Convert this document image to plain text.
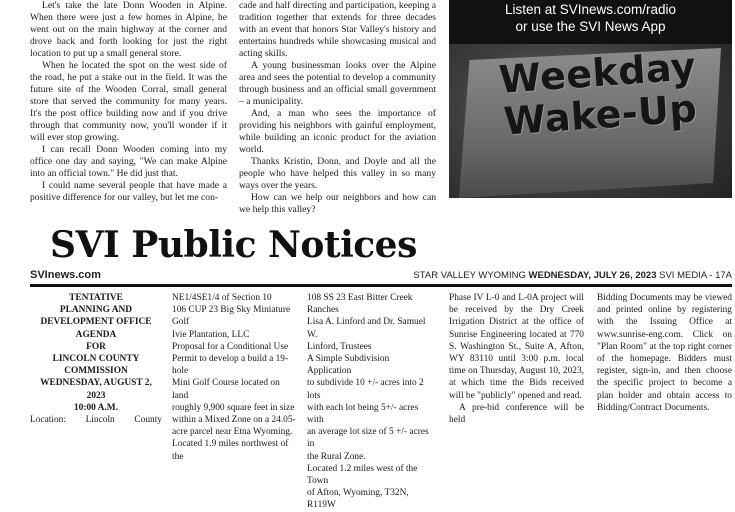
Let's take the late Donn Wooden in Alpine. When there were just a few homes in Alpine, he went out on the main highway at the corner and drove back and forth looking for just the right location to put up a small general store.

When he located the spot on the west side of the road, he put a stake out in the field. It was the future site of the Wooden Corral, small general store that served the community for many years. It's the post office building now and if you drive through that community now, you'll wonder if it will ever stop growing.

I can recall Donn Wooden coming into my office one day and saying, "We can make Alpine into an official town." He did just that.

I could name several people that have made a positive difference for our valley, but let me con-

cade and half directing and participation, keeping a tradition together that extends for three decades with an event that honors Star Valley's history and entertains hundreds while showcasing musical and acting skills.

A young businessman looks over the Alpine area and sees the potential to develop a community through business and an official small government – a municipality.

And, a man who sees the importance of providing his neighbors with gainful employment, while building an iconic product for the aviation world.

Thanks Kristin, Donn, and Doyle and all the people who have helped this valley in so many ways over the years.

How can we help our neighbors and how can we help this valley?

Listen at SVInews.com/radio
or use the SVI News App
Weekday
Wake-Up
SVI Public Notices
SVInews.com	STAR VALLEY WYOMING WEDNESDAY, JULY 26, 2023 SVI MEDIA - 17A
TENTATIVE
PLANNING AND
DEVELOPMENT OFFICE
AGENDA
FOR
LINCOLN COUNTY
COMMISSION
WEDNESDAY, AUGUST 2, 2023
10:00 A.M.
Location: Lincoln County
NE1/4SE1/4 of Section 10
106 CUP 23 Big Sky Miniature Golf
Ivie Plantation, LLC
Proposal for a Conditional Use
Permit to develop a build a 19-hole
Mini Golf Course located on land
roughly 9,900 square feet in size
within a Mixed Zone on a 24.05-
acre parcel near Etna Wyoming.
Located 1.9 miles northwest of the
108 SS 23 East Bitter Creek Ranches
Lisa A. Linford and Dr. Samuel W.
Linford, Trustees
A Simple Subdivision Application
to subdivide 10 +/- acres into 2 lots
with each lot being 5+/- acres with
an average lot size of 5 +/- acres in
the Rural Zone.
Located 1.2 miles west of the Town
of Afton, Wyoming, T32N, R119W
Phase IV L-0 and L-0A project will be received by the Dry Creek Irrigation District at the office of Sunrise Engineering located at 770 S. Washington St., Suite A, Afton, WY 83110 until 3:00 p.m. local time on Thursday, August 10, 2023, at which time the Bids received will be "publicly" opened and read.
A pre-bid conference will be held
Bidding Documents may be viewed and printed online by registering with the Issuing Office at www.sunrise-eng.com. Click on "Plan Room" at the top right corner of the homepage. Bidders must register, sign-in, and then choose the specific project to become a plan holder and obtain access to Bidding/Contract Documents.
